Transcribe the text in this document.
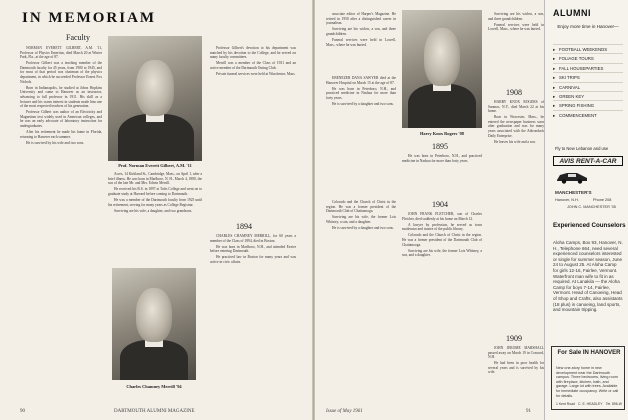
IN MEMORIAM
Faculty

NORMAN EVERETT GILBERT, A.M. '11, Professor of Physics Emeritus, died March 20 at Winter Park, Fla., at the age of 87.

Professor Gilbert was a teaching member of the Dartmouth faculty for 45 years, from 1900 to 1945, and for most of that period was chairman of the physics department, in which he succeeded Professor Ernest Fox Nichols.

Born in Indianapolis, he studied at Johns Hopkins University and came to Hanover as an instructor, advancing to full professor in 1911. His skill as a lecturer and his warm interest in students made him one of the most respected teachers of his generation.

Professor Gilbert was author of an Electricity and Magnetism text widely used in American colleges, and he was an early advocate of laboratory instruction for undergraduates.

After his retirement he made his home in Florida, returning to Hanover each summer.

He is survived by his wife and two sons.

Prof. Norman Everett Gilbert, A.M. '11

Acres, 14 Kirkland St., Cambridge, Mass., on April 1, after a brief illness. He was born in Marlboro, N. H., March 4, 1880, the son of the late Mr. and Mrs. Edwin Merrill.

He received his B.S. in 1897 at Tufts College and went on to graduate study at Harvard before coming to Dartmouth.

He was a member of the Dartmouth faculty from 1925 until his retirement, serving for many years as College Registrar.

Surviving are his wife, a daughter, and two grandsons.

Professor Gilbert's devotion to his department was matched by his devotion to the College, and he served on many faculty committees.

Merrill was a member of the Class of 1931 and an active member of the Dartmouth Outing Club.

Private funeral services were held at Winchester, Mass.

1894

CHARLES CHAMNEY MERRILL, for 60 years a member of the Class of 1894, died in Boston.

He was born in Marlboro, N.H., and attended Exeter before entering Dartmouth.

He practiced law in Boston for many years and was active in civic affairs.

Charles Chamney Merrill '94
90	DARTMOUTH ALUMNI MAGAZINE

associate editor of Harper's Magazine. He retired in 1950 after a distinguished career in journalism.

Surviving are his widow, a son, and three grandchildren.

Funeral services were held in Lowell, Mass., where he was buried.

Harry Knox Rogers '08
1895

EBENEZER DANA SAWYER died at the Hanover Hospital on March 15 at the age of 87.

He was born in Peterboro, N.H., and practiced medicine in Nashua for more than forty years.

He is survived by a daughter and two sons.

He was born in Peterboro, N.H., and practiced medicine in Nashua for more than forty years.

1904

JOHN FRANK FLETCHER, son of Charles Fletcher, died suddenly at his home on March 12.

A lawyer by profession, he served as town moderator and trustee of the public library.

Colorado and the Church of Christ in the region. He was a former president of the Dartmouth Club of Chattanooga.

Surviving are his wife, the former Lois Whitney, a son, and a daughter.

Colorado and the Church of Christ in the region. He was a former president of the Dartmouth Club of Chattanooga.

Surviving are his wife, the former Lois Whitney, a son, and a daughter.

He is survived by a daughter and two sons.

Surviving are his widow, a son, and three grandchildren.

Funeral services were held in Lowell, Mass., where he was buried.

1908

HARRY KNOX ROGERS of Saranac, N.Y., died March 22 at his home.

Born in Worcester, Mass., he entered the newspaper business soon after graduation and was for many years associated with the Adirondack Daily Enterprise.

He leaves his wife and a son.

1909

JOHN JEROME MARSHALL passed away on March 19 in Concord, N.H.

He had been in poor health for several years and is survived by his wife.

Issue of May 1961	91
ALUMNI
Enjoy more time in Hanover—
▸ FOOTBALL WEEKENDS
▸ FOLIAGE TOURS
▸ FALL HOUSEPARTIES
▸ SKI TRIPS
▸ CARNIVAL
▸ GREEN KEY
▸ SPRING FISHING
▸ COMMENCEMENT
Fly to New Lebanon and use
AVIS RENT-A-CAR
MANCHESTER'S
Hanover, N.H.	Phone 208
JOHN C. MANCHESTER '35
Experienced Counselors
Aloha Camps, Box 93, Hanover, N. H., Telephone 664, need several experienced counselors interested or single for summer season, June 24 to August 25. At Aloha Camp for girls 12-16, Fairlee, Vermont. Waterfront man wife to fit in as required. At Lanakila — the Aloha Camp for boys 7-14, Fairlee, Vermont. Head of Canoeing, Head of Shop and Crafts, also assistants (18 plus) in canoeing, land sports, and mountain tripping.
For Sale IN HANOVER
New one-story home in new development near the Dartmouth campus. Three bedrooms, living room with fireplace, kitchen, bath, and garage. Large lot with trees. Available for immediate occupancy. Write or call for details.
1 Kent Road C. E. HEADLEY Tel. 896-W
